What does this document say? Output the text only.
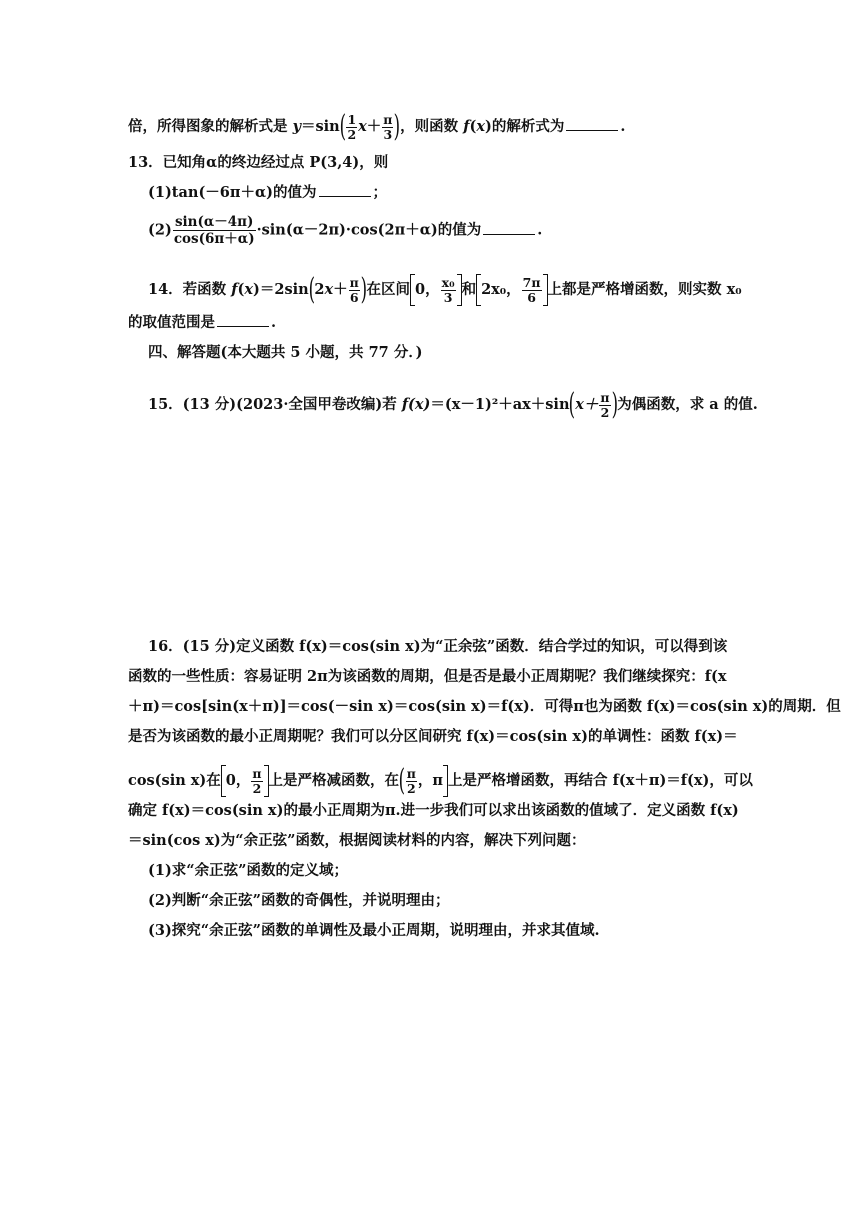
倍，所得图象的解析式是 $y=\sin( \frac{1}{2} x+ \frac{\pi}{3}$ )，则函数 f(x)的解析式为	.
13．已知角α的终边经过点 P(3,4)，则
(1)tan(－6π＋α)的值为	；
$(2) \frac{\sin(\alpha-4\pi)}{\cos(6\pi+\alpha)} \cdot\sin(\alpha-2\pi)\cdot\cos(2\pi+\alpha)$的值为	.
14．若函数 $f(x)=2\sin(2x+ \frac{\pi}{6}$ )在区间 0， $\frac{\text{x₀}}{3}$ 和 2x₀， $\frac{7\pi}{6}$ 上都是严格增函数，则实数 x₀
的取值范围是	.
四、解答题(本大题共 5 小题，共 77 分．)
15．(13 分)(2023·全国甲卷改编)若 $f(x)=(x-1)^2+ax+\sin(x+ \frac{\pi}{2}$ )为偶函数，求 a 的值.
16．(15 分)定义函数 f(x)＝cos(sin x)为“正余弦”函数．结合学过的知识，可以得到该
函数的一些性质：容易证明 2π为该函数的周期，但是否是最小正周期呢？我们继续探究：f(x
＋π)＝cos[sin(x＋π)]＝cos(－sin x)＝cos(sin x)＝f(x)．可得π也为函数 f(x)＝cos(sin x)的周期．但
是否为该函数的最小正周期呢？我们可以分区间研究 f(x)＝cos(sin x)的单调性：函数 f(x)＝
cos(sin x)在 0， $\frac{\pi}{2}$ 上是严格减函数，在( $\frac{\pi}{2}$ ，π 上是严格增函数，再结合 f(x＋π)＝f(x)，可以
确定 f(x)＝cos(sin x)的最小正周期为π.进一步我们可以求出该函数的值域了．定义函数 f(x)
＝sin(cos x)为“余正弦”函数，根据阅读材料的内容，解决下列问题：
(1)求“余正弦”函数的定义域；
(2)判断“余正弦”函数的奇偶性，并说明理由；
(3)探究“余正弦”函数的单调性及最小正周期，说明理由，并求其值域.
